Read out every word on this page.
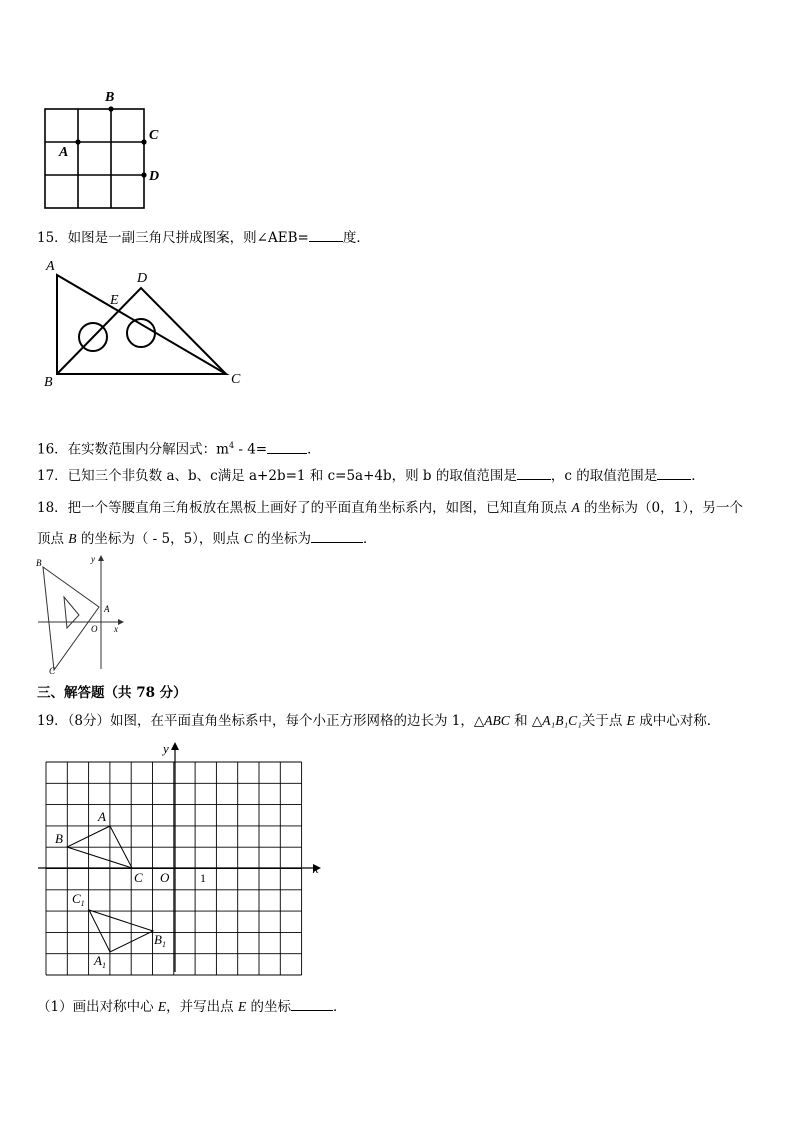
B
A
C
D
15．如图是一副三角尺拼成图案，则∠AEB=	度．
A
D
E
B	C
16．在实数范围内分解因式：$m^4 - 4=$	．
17．已知三个非负数 a、b、c满足 a+2b=1 和 c=5a+4b，则 b 的取值范围是	，c 的取值范围是	．
18．把一个等腰直角三角板放在黑板上画好了的平面直角坐标系内，如图，已知直角顶点 A 的坐标为（0，1），另一个
顶点 B 的坐标为（ - 5，5），则点 C 的坐标为	．
B	y
A
O x
C
三、解答题（共 78 分）
19．（8分）如图，在平面直角坐标系中，每个小正方形网格的边长为 1，△ABC 和 △A₁B₁C₁关于点 E 成中心对称．
y
x
A
B
C O	1
$C_1$
$B_1$
$A_1$
（1）画出对称中心 E，并写出点 E 的坐标	．
